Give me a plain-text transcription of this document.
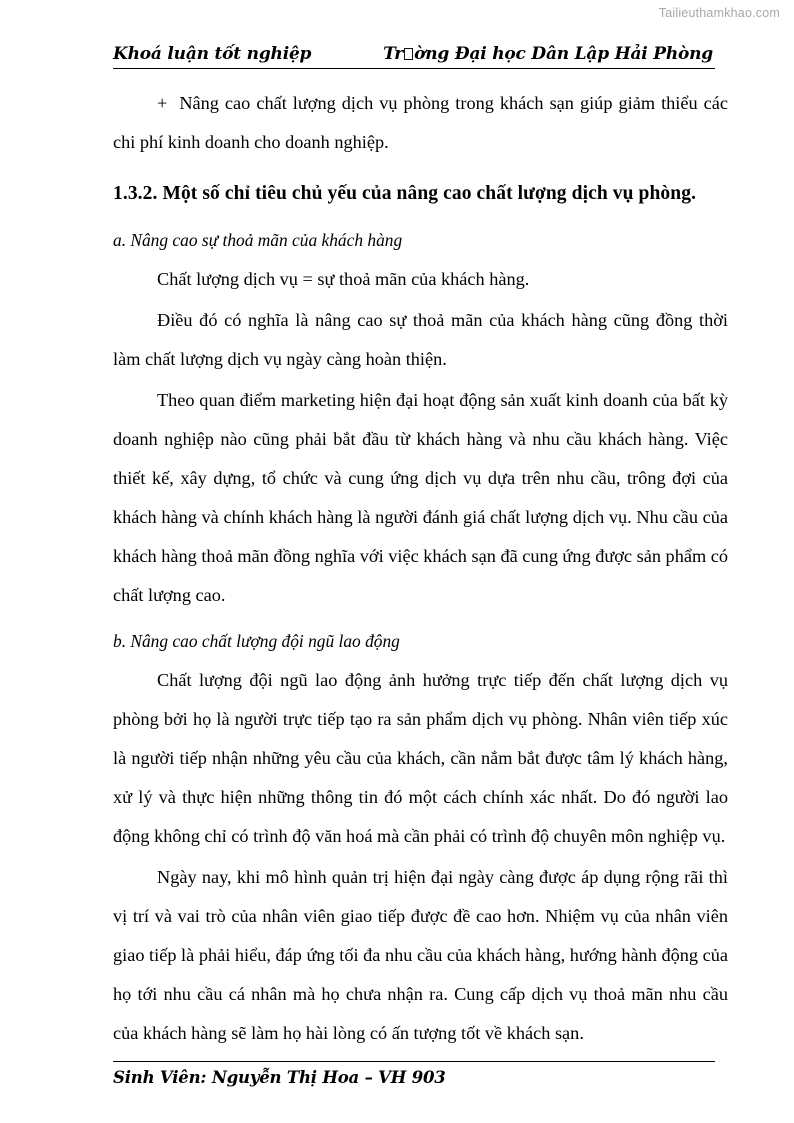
Tailieuthamkhao.com
Khoá luận tốt nghiệp	Tr ờng Đại học Dân Lập Hải Phòng

+ Nâng cao chất lượng dịch vụ phòng trong khách sạn giúp giảm thiểu các chi phí kinh doanh cho doanh nghiệp.

1.3.2. Một số chỉ tiêu chủ yếu của nâng cao chất lượng dịch vụ phòng.

a. Nâng cao sự thoả mãn của khách hàng

Chất lượng dịch vụ = sự thoả mãn của khách hàng.

Điều đó có nghĩa là nâng cao sự thoả mãn của khách hàng cũng đồng thời làm chất lượng dịch vụ ngày càng hoàn thiện.

Theo quan điểm marketing hiện đại hoạt động sản xuất kinh doanh của bất kỳ doanh nghiệp nào cũng phải bắt đầu từ khách hàng và nhu cầu khách hàng. Việc thiết kế, xây dựng, tổ chức và cung ứng dịch vụ dựa trên nhu cầu, trông đợi của khách hàng và chính khách hàng là người đánh giá chất lượng dịch vụ. Nhu cầu của khách hàng thoả mãn đồng nghĩa với việc khách sạn đã cung ứng được sản phẩm có chất lượng cao.

b. Nâng cao chất lượng đội ngũ lao động

Chất lượng đội ngũ lao động ảnh hưởng trực tiếp đến chất lượng dịch vụ phòng bởi họ là người trực tiếp tạo ra sản phẩm dịch vụ phòng. Nhân viên tiếp xúc là người tiếp nhận những yêu cầu của khách, cần nắm bắt được tâm lý khách hàng, xử lý và thực hiện những thông tin đó một cách chính xác nhất. Do đó người lao động không chỉ có trình độ văn hoá mà cần phải có trình độ chuyên môn nghiệp vụ.

Ngày nay, khi mô hình quản trị hiện đại ngày càng được áp dụng rộng rãi thì vị trí và vai trò của nhân viên giao tiếp được đề cao hơn. Nhiệm vụ của nhân viên giao tiếp là phải hiểu, đáp ứng tối đa nhu cầu của khách hàng, hướng hành động của họ tới nhu cầu cá nhân mà họ chưa nhận ra. Cung cấp dịch vụ thoả mãn nhu cầu của khách hàng sẽ làm họ hài lòng có ấn tượng tốt về khách sạn.

Sinh Viên: Nguyễn Thị Hoa – VH 903
